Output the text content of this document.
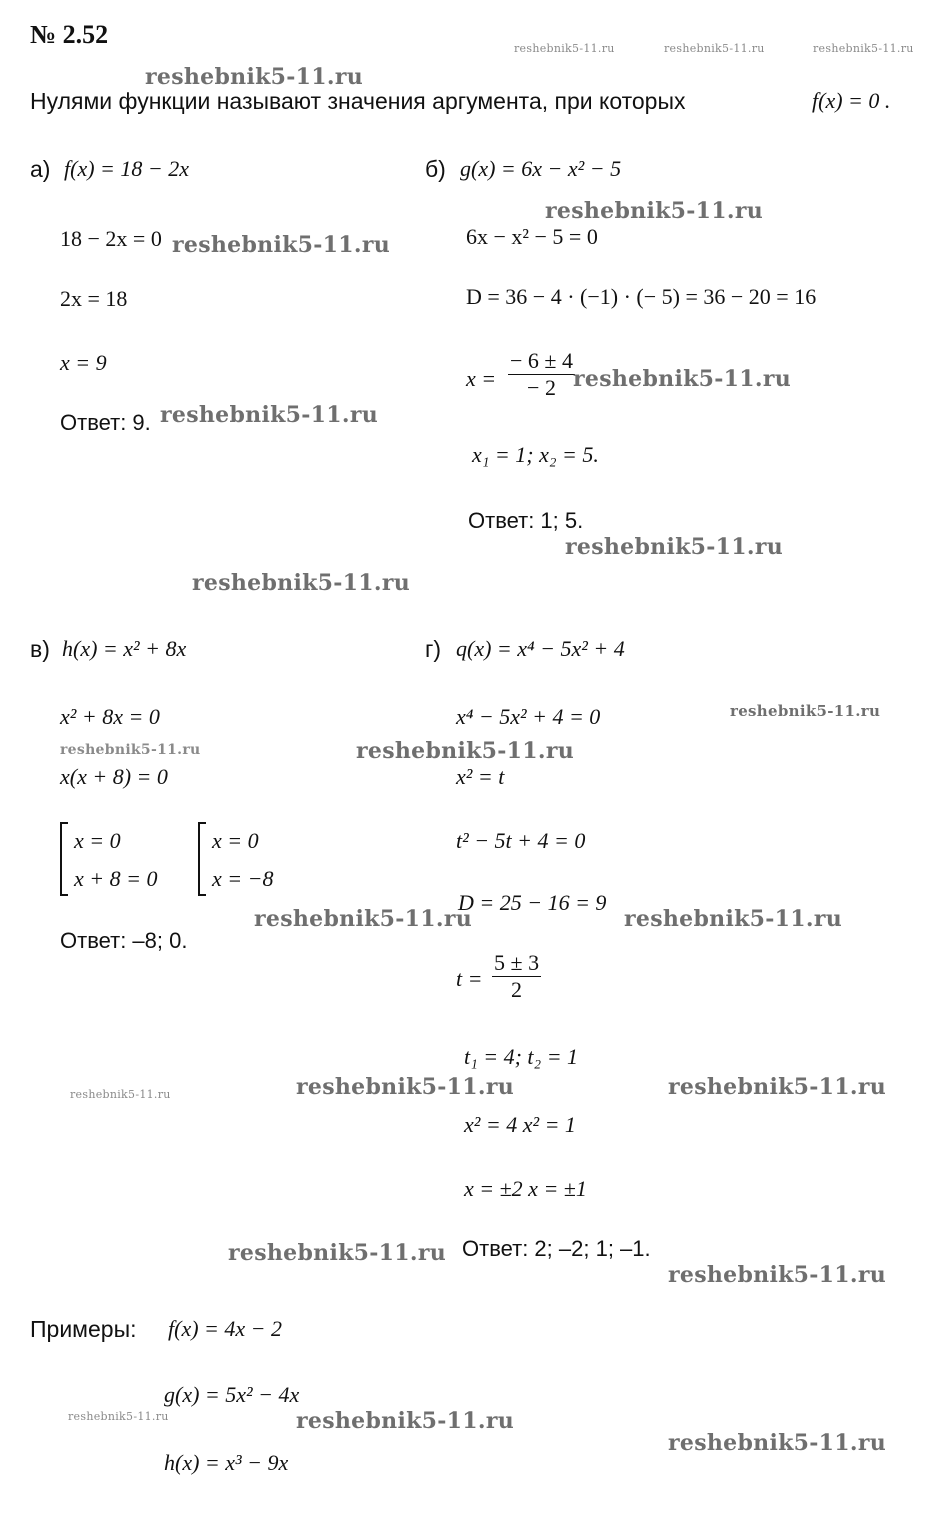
№ 2.52	reshebnik5-11.ru	reshebnik5-11.ru	reshebnik5-11.ru
reshebnik5-11.ru
Нулями функции называют значения аргумента, при которых	f(x) = 0 .
а) f(x) = 18 − 2x
18 − 2x = 0 reshebnik5-11.ru
2x = 18
x = 9
Ответ: 9. reshebnik5-11.ru
б) g(x) = 6x − x² − 5
reshebnik5-11.ru
6x − x² − 5 = 0
D = 36 − 4 · (−1) · (− 5) = 36 − 20 = 16
$x = \frac{- 6 \pm 4}{- 2}$
reshebnik5-11.ru
x₁ = 1; x₂ = 5.
Ответ: 1; 5.
reshebnik5-11.ru
reshebnik5-11.ru
в) h(x) = x² + 8x
x² + 8x = 0
reshebnik5-11.ru
x(x + 8) = 0
x = 0
x + 8 = 0
x = 0
x = −8
reshebnik5-11.ru
Ответ: –8; 0.
г) q(x) = x⁴ − 5x² + 4
x⁴ − 5x² + 4 = 0	reshebnik5-11.ru
reshebnik5-11.ru
x² = t
t² − 5t + 4 = 0
D = 25 − 16 = 9
reshebnik5-11.ru
$t = \frac{5 \pm 3}{2}$
t₁ = 4; t₂ = 1
reshebnik5-11.ru	reshebnik5-11.ru	reshebnik5-11.ru
x² = 4 x² = 1
x = ±2 x = ±1
reshebnik5-11.ru Ответ: 2; –2; 1; –1.
reshebnik5-11.ru
Примеры: f(x) = 4x − 2
g(x) = 5x² − 4x
reshebnik5-11.ru	reshebnik5-11.ru
h(x) = x³ − 9x
reshebnik5-11.ru
